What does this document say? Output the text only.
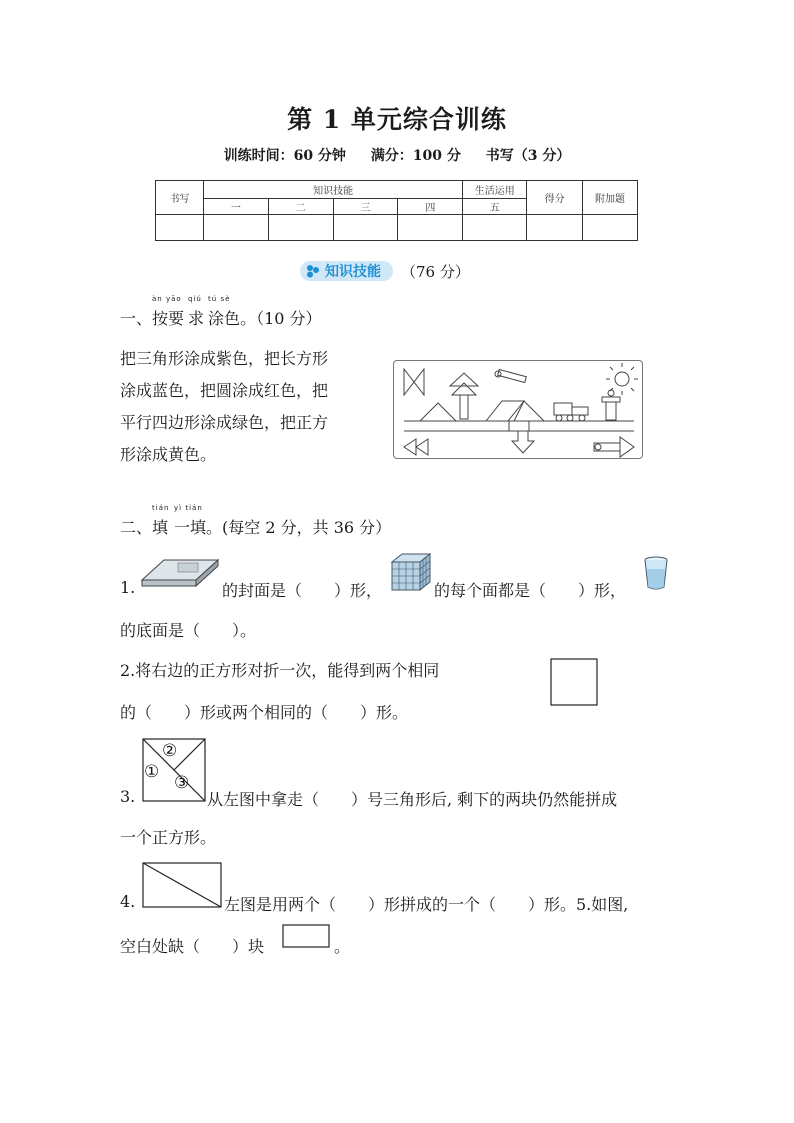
第 1 单元综合训练
训练时间：60 分钟 满分：100 分 书写（3 分）
书写	知识技能				生活运用	得分	附加题
	一	二	三	四	五		

知识技能 （76 分）
一、
àn yāo
按要
qiú
求
tú sè
涂色。（10 分）
把三角形涂成紫色，把长方形
涂成蓝色，把圆涂成红色，把
平行四边形涂成绿色，把正方
形涂成黄色。
二、
tián
填
yì tián
一填。(每空 2 分，共 36 分）
1.	的封面是（　　）形，	的每个面都是（　　）形，
的底面是（　　）。
2.将右边的正方形对折一次，能得到两个相同
的（　　）形或两个相同的（　　）形。
3.
②
①
③
从左图中拿走（　　）号三角形后, 剩下的两块仍然能拼成
一个正方形。
4.	左图是用两个（　　）形拼成的一个（　　）形。5.如图,
空白处缺（　　）块	。
